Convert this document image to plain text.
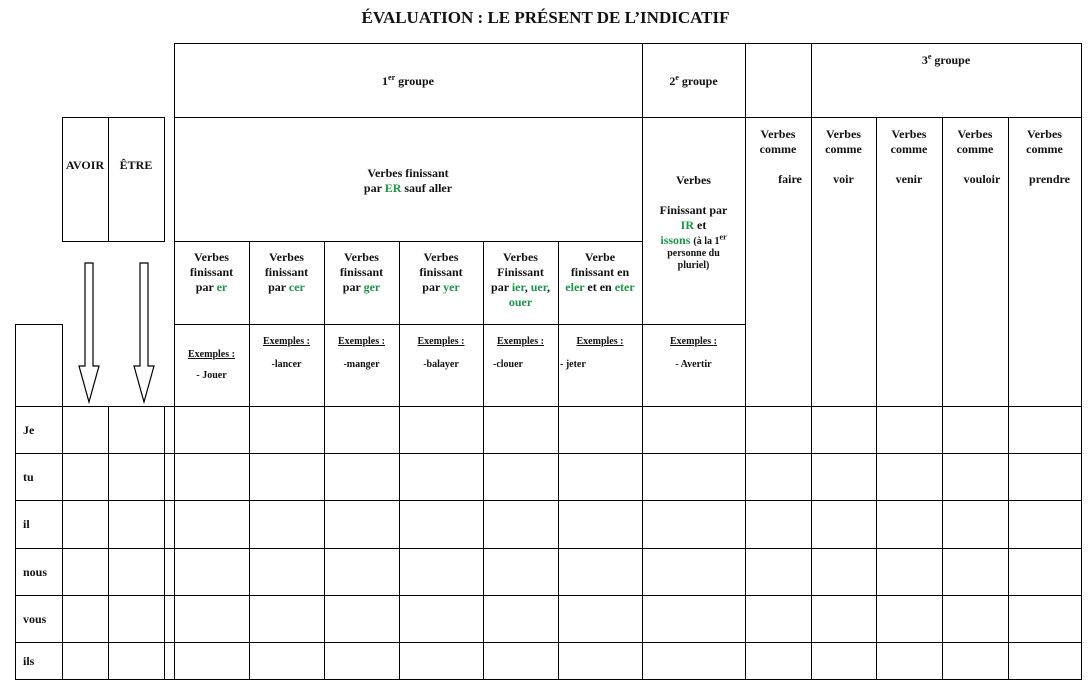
ÉVALUATION : LE PRÉSENT DE L’INDICATIF
1er groupe	2e groupe
3e groupe
AVOIR	ÊTRE
Verbes finissant
par ER sauf aller
Verbes
Finissant par
IR et
issons (à la 1er
personne du pluriel)
Verbes
comme
faire
Verbes
comme
voir
Verbes
comme
venir
Verbes
comme
vouloir
Verbes
comme
prendre
Verbes
finissant
par er
Verbes
finissant
par cer
Verbes
finissant
par ger
Verbes
finissant
par yer
Verbes
Finissant
par ier, uer,
ouer
Verbe
finissant en
eler et en eter
Exemples :
- Jouer
Exemples :
-lancer
Exemples :
-manger
Exemples :
-balayer
Exemples :
-clouer
Exemples :
- jeter
Exemples :
- Avertir
Je
tu
il
nous
vous
ils
